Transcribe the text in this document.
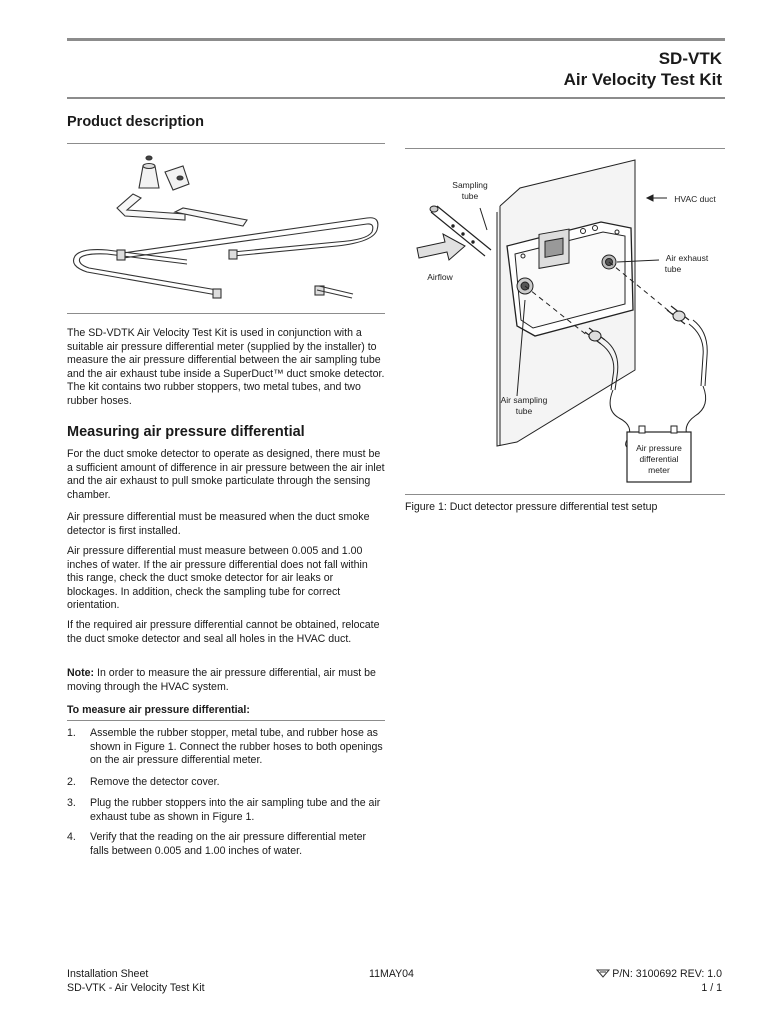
SD-VTK
Air Velocity Test Kit
Product description
The SD-VDTK Air Velocity Test Kit is used in conjunction with a suitable air pressure differential meter (supplied by the installer) to measure the air pressure differential between the air sampling tube and the air exhaust tube inside a SuperDuct™ duct smoke detector. The kit contains two rubber stoppers, two metal tubes, and two rubber hoses.
Measuring air pressure differential
For the duct smoke detector to operate as designed, there must be a sufficient amount of difference in air pressure between the air inlet and the air exhaust to pull smoke particulate through the sensing chamber.
Air pressure differential must be measured when the duct smoke detector is first installed.
Air pressure differential must measure between 0.005 and 1.00 inches of water. If the air pressure differential does not fall within this range, check the duct smoke detector for air leaks or blockages. In addition, check the sampling tube for correct orientation.
If the required air pressure differential cannot be obtained, relocate the duct smoke detector and seal all holes in the HVAC duct.
Note: In order to measure the air pressure differential, air must be moving through the HVAC system.
To measure air pressure differential:
1. Assemble the rubber stopper, metal tube, and rubber hose as shown in Figure 1. Connect the rubber hoses to both openings on the air pressure differential meter.
2. Remove the detector cover.
3. Plug the rubber stoppers into the air sampling tube and the air exhaust tube as shown in Figure 1.
4. Verify that the reading on the air pressure differential meter falls between 0.005 and 1.00 inches of water.
Sampling
tube	HVAC duct
Airflow
Air exhaust
tube
Air sampling
tube
Air pressure
differential
meter
Figure 1: Duct detector pressure differential test setup
Installation Sheet
SD-VTK - Air Velocity Test Kit
11MAY04	P/N: 3100692 REV: 1.0
1 / 1
